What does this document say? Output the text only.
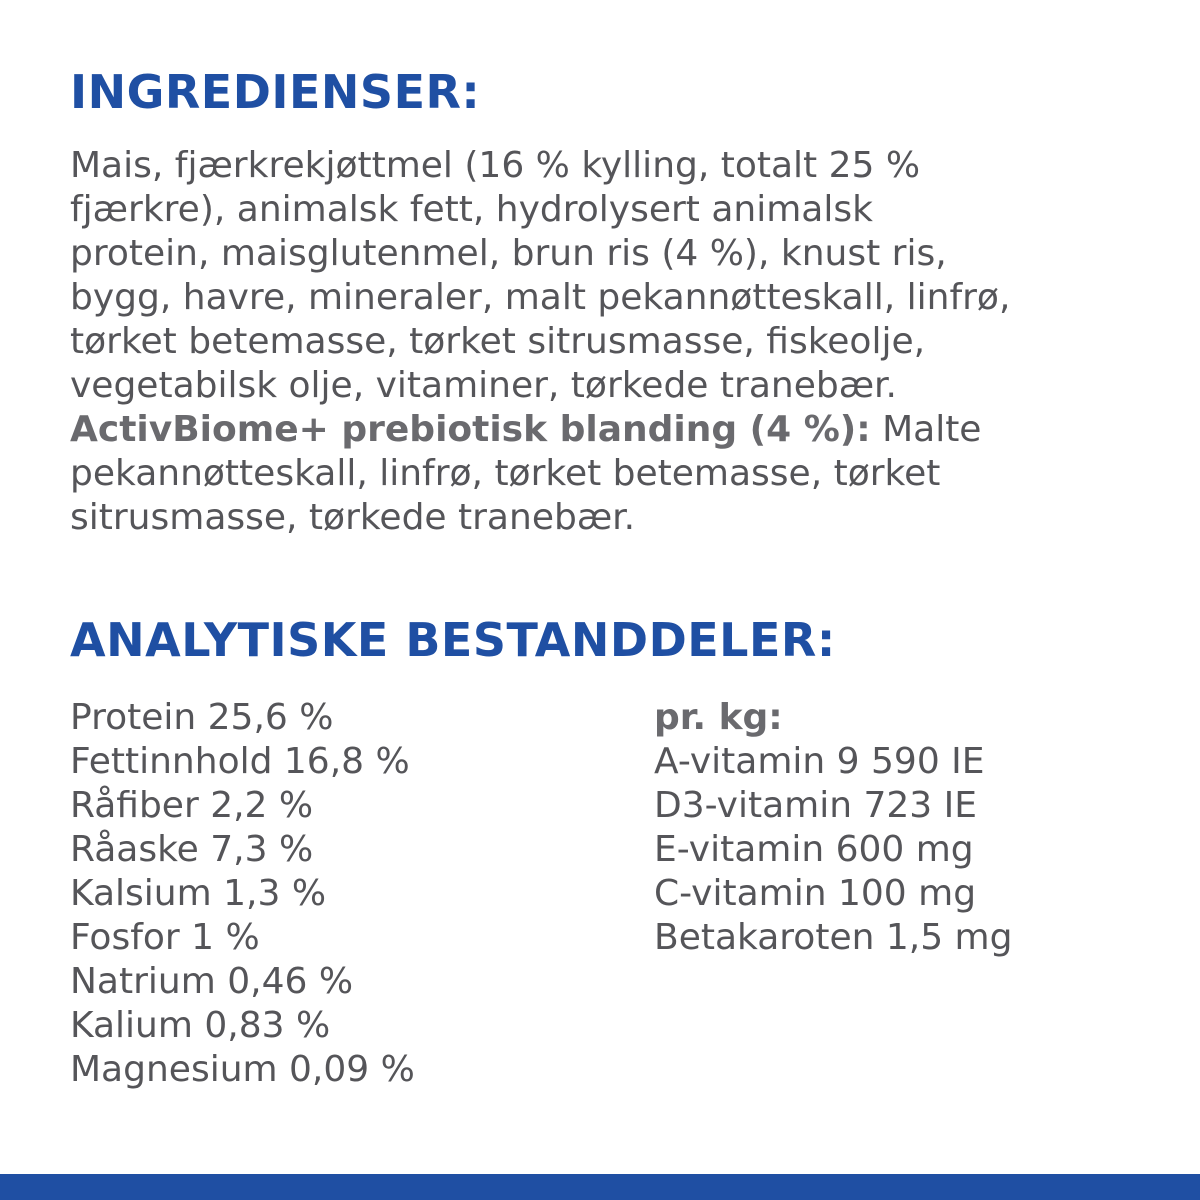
INGREDIENSER:

Mais, fjærkrekjøttmel (16 % kylling, totalt 25 %
fjærkre), animalsk fett, hydrolysert animalsk
protein, maisglutenmel, brun ris (4 %), knust ris,
bygg, havre, mineraler, malt pekannøtteskall, linfrø,
tørket betemasse, tørket sitrusmasse, fiskeolje,
vegetabilsk olje, vitaminer, tørkede tranebær.
ActivBiome+ prebiotisk blanding (4 %): Malte
pekannøtteskall, linfrø, tørket betemasse, tørket
sitrusmasse, tørkede tranebær.

ANALYTISKE BESTANDDELER:
Protein 25,6 %
Fettinnhold 16,8 %
Råfiber 2,2 %
Råaske 7,3 %
Kalsium 1,3 %
Fosfor 1 %
Natrium 0,46 %
Kalium 0,83 %
Magnesium 0,09 %
pr. kg:
A-vitamin 9 590 IE
D3-vitamin 723 IE
E-vitamin 600 mg
C-vitamin 100 mg
Betakaroten 1,5 mg
